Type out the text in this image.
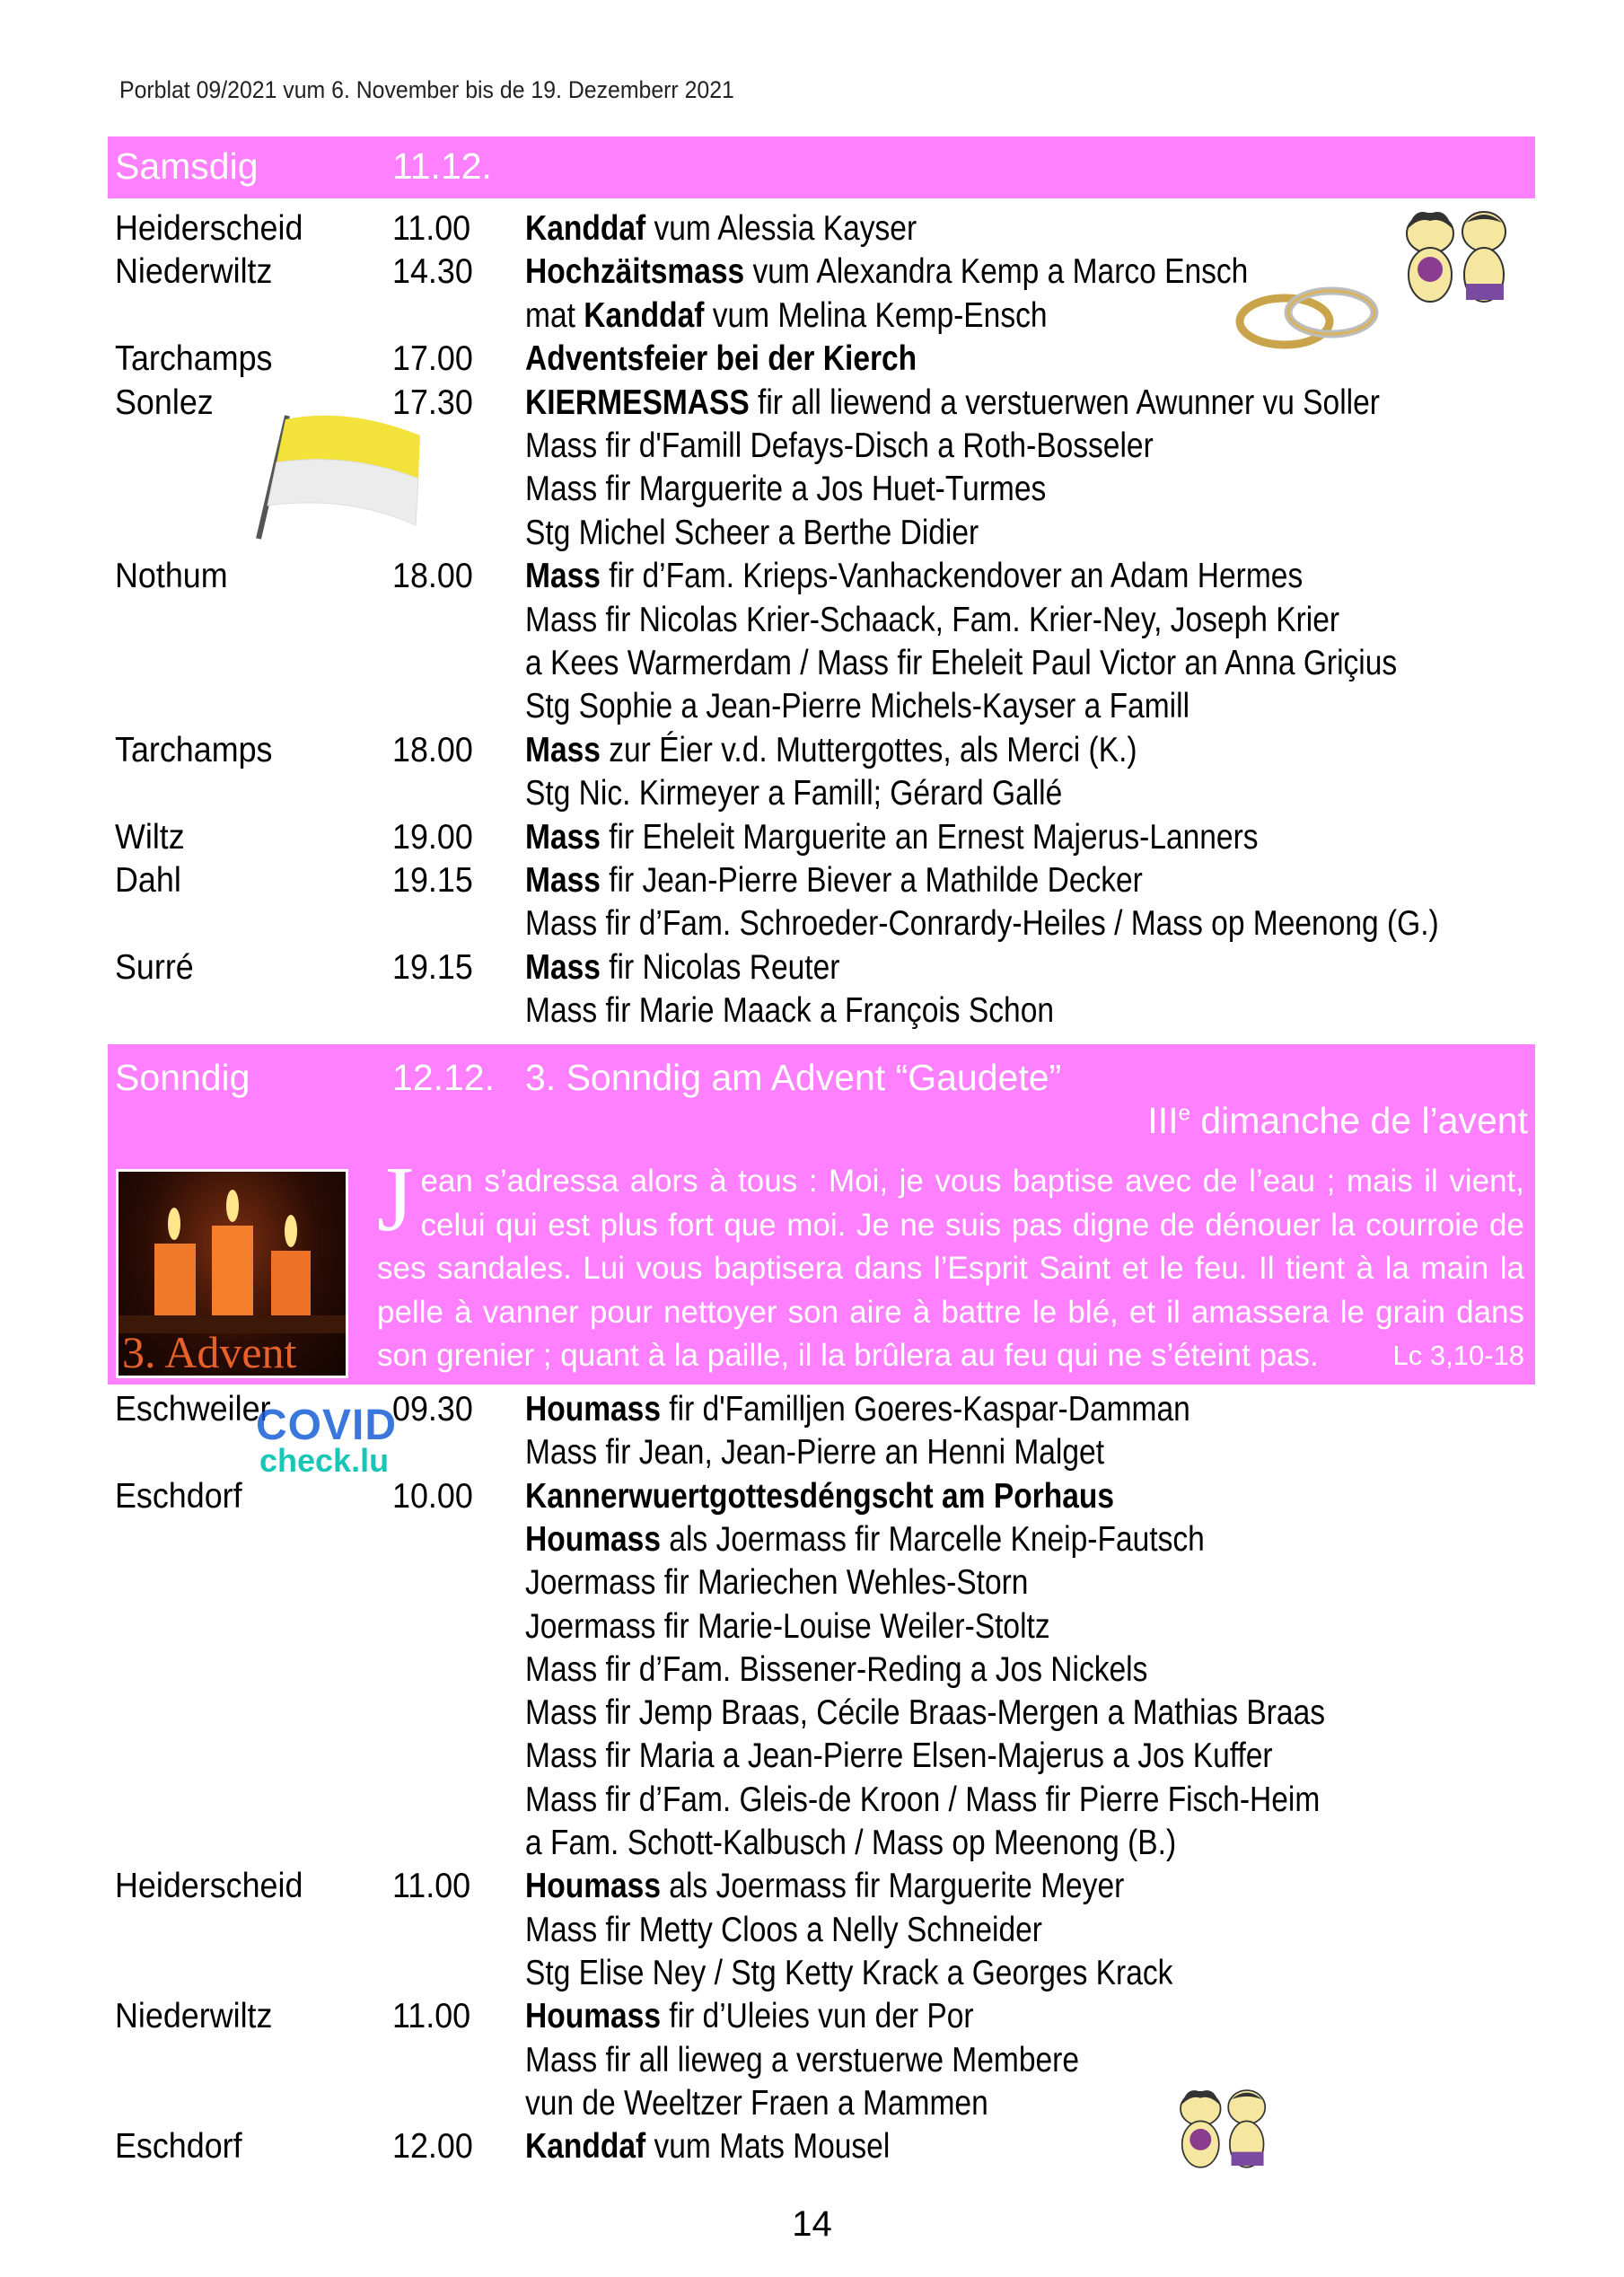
Porblat 09/2021 vum 6. November bis de 19. Dezemberr 2021
Samsdig	11.12.
Heiderscheid	11.00 Kanddaf vum Alessia Kayser
Niederwiltz	14.30 Hochzäitsmass vum Alexandra Kemp a Marco Ensch
mat Kanddaf vum Melina Kemp-Ensch
Tarchamps	17.00 Adventsfeier bei der Kierch
Sonlez	17.30 KIERMESMASS fir all liewend a verstuerwen Awunner vu Soller
Mass fir d'Famill Defays-Disch a Roth-Bosseler
Mass fir Marguerite a Jos Huet-Turmes
Stg Michel Scheer a Berthe Didier
Nothum	18.00 Mass fir d’Fam. Krieps-Vanhackendover an Adam Hermes
Mass fir Nicolas Krier-Schaack, Fam. Krier-Ney, Joseph Krier
a Kees Warmerdam / Mass fir Eheleit Paul Victor an Anna Griçius
Stg Sophie a Jean-Pierre Michels-Kayser a Famill
Tarchamps	18.00 Mass zur Éier v.d. Muttergottes, als Merci (K.)
Stg Nic. Kirmeyer a Famill; Gérard Gallé
Wiltz	19.00 Mass fir Eheleit Marguerite an Ernest Majerus-Lanners
Dahl	19.15 Mass fir Jean-Pierre Biever a Mathilde Decker
Mass fir d’Fam. Schroeder-Conrardy-Heiles / Mass op Meenong (G.)
Surré	19.15 Mass fir Nicolas Reuter
Mass fir Marie Maack a François Schon
Sonndig	12.12. 3. Sonndig am Advent “Gaudete”
IIIe dimanche de l’avent
3. Advent
Jean s’adressa alors à tous : Moi, je vous baptise avec de l’eau ; mais il vient, celui qui est plus fort que moi. Je ne suis pas digne de dénouer la courroie de ses sandales. Lui vous baptisera dans l’Esprit Saint et le feu. Il tient à la main la pelle à vanner pour nettoyer son aire à battre le blé, et il amassera le grain dans son grenier ; quant à la paille, il la brûlera au feu qui ne s’éteint pas.	Lc 3,10-18
Eschweiler	09.30 Houmass fir d'Familljen Goeres-Kaspar-Damman
Mass fir Jean, Jean-Pierre an Henni Malget
Eschdorf	10.00 Kannerwuertgottesdéngscht am Porhaus
Houmass als Joermass fir Marcelle Kneip-Fautsch
Joermass fir Mariechen Wehles-Storn
Joermass fir Marie-Louise Weiler-Stoltz
Mass fir d’Fam. Bissener-Reding a Jos Nickels
Mass fir Jemp Braas, Cécile Braas-Mergen a Mathias Braas
Mass fir Maria a Jean-Pierre Elsen-Majerus a Jos Kuffer
Mass fir d’Fam. Gleis-de Kroon / Mass fir Pierre Fisch-Heim
a Fam. Schott-Kalbusch / Mass op Meenong (B.)
Heiderscheid	11.00 Houmass als Joermass fir Marguerite Meyer
Mass fir Metty Cloos a Nelly Schneider
Stg Elise Ney / Stg Ketty Krack a Georges Krack
Niederwiltz	11.00 Houmass fir d’Uleies vun der Por
Mass fir all lieweg a verstuerwe Membere
vun de Weeltzer Fraen a Mammen
Eschdorf	12.00 Kanddaf vum Mats Mousel
COVID
check.lu
14
